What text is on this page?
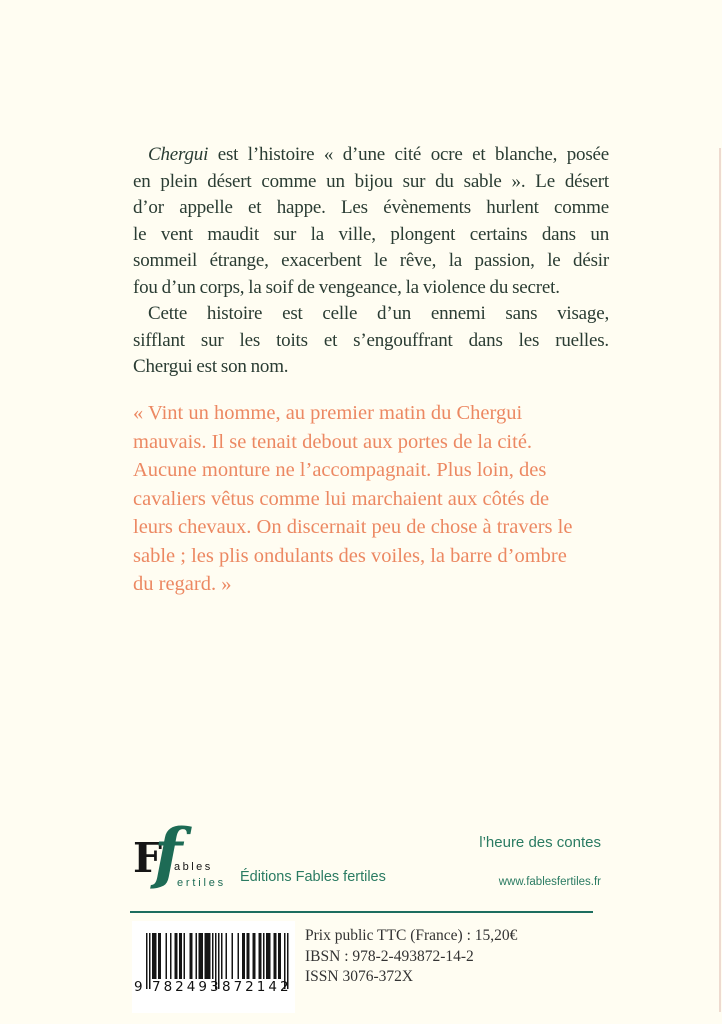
Chergui est l’histoire « d’une cité ocre et blanche, posée
en plein désert comme un bijou sur du sable ». Le désert
d’or appelle et happe. Les évènements hurlent comme
le vent maudit sur la ville, plongent certains dans un
sommeil étrange, exacerbent le rêve, la passion, le désir
fou d’un corps, la soif de vengeance, la violence du secret.
Cette histoire est celle d’un ennemi sans visage,
sifflant sur les toits et s’engouffrant dans les ruelles.
Chergui est son nom.
« Vint un homme, au premier matin du Chergui
mauvais. Il se tenait debout aux portes de la cité.
Aucune monture ne l’accompagnait. Plus loin, des
cavaliers vêtus comme lui marchaient aux côtés de
leurs chevaux. On discernait peu de chose à travers le
sable ; les plis ondulants des voiles, la barre d’ombre
du regard. »
F
f
ables
ertiles Éditions Fables fertiles
l’heure des contes
www.fablesfertiles.fr
9 782493 872142
Prix public TTC (France) : 15,20€
IBSN : 978-2-493872-14-2
ISSN 3076-372X
